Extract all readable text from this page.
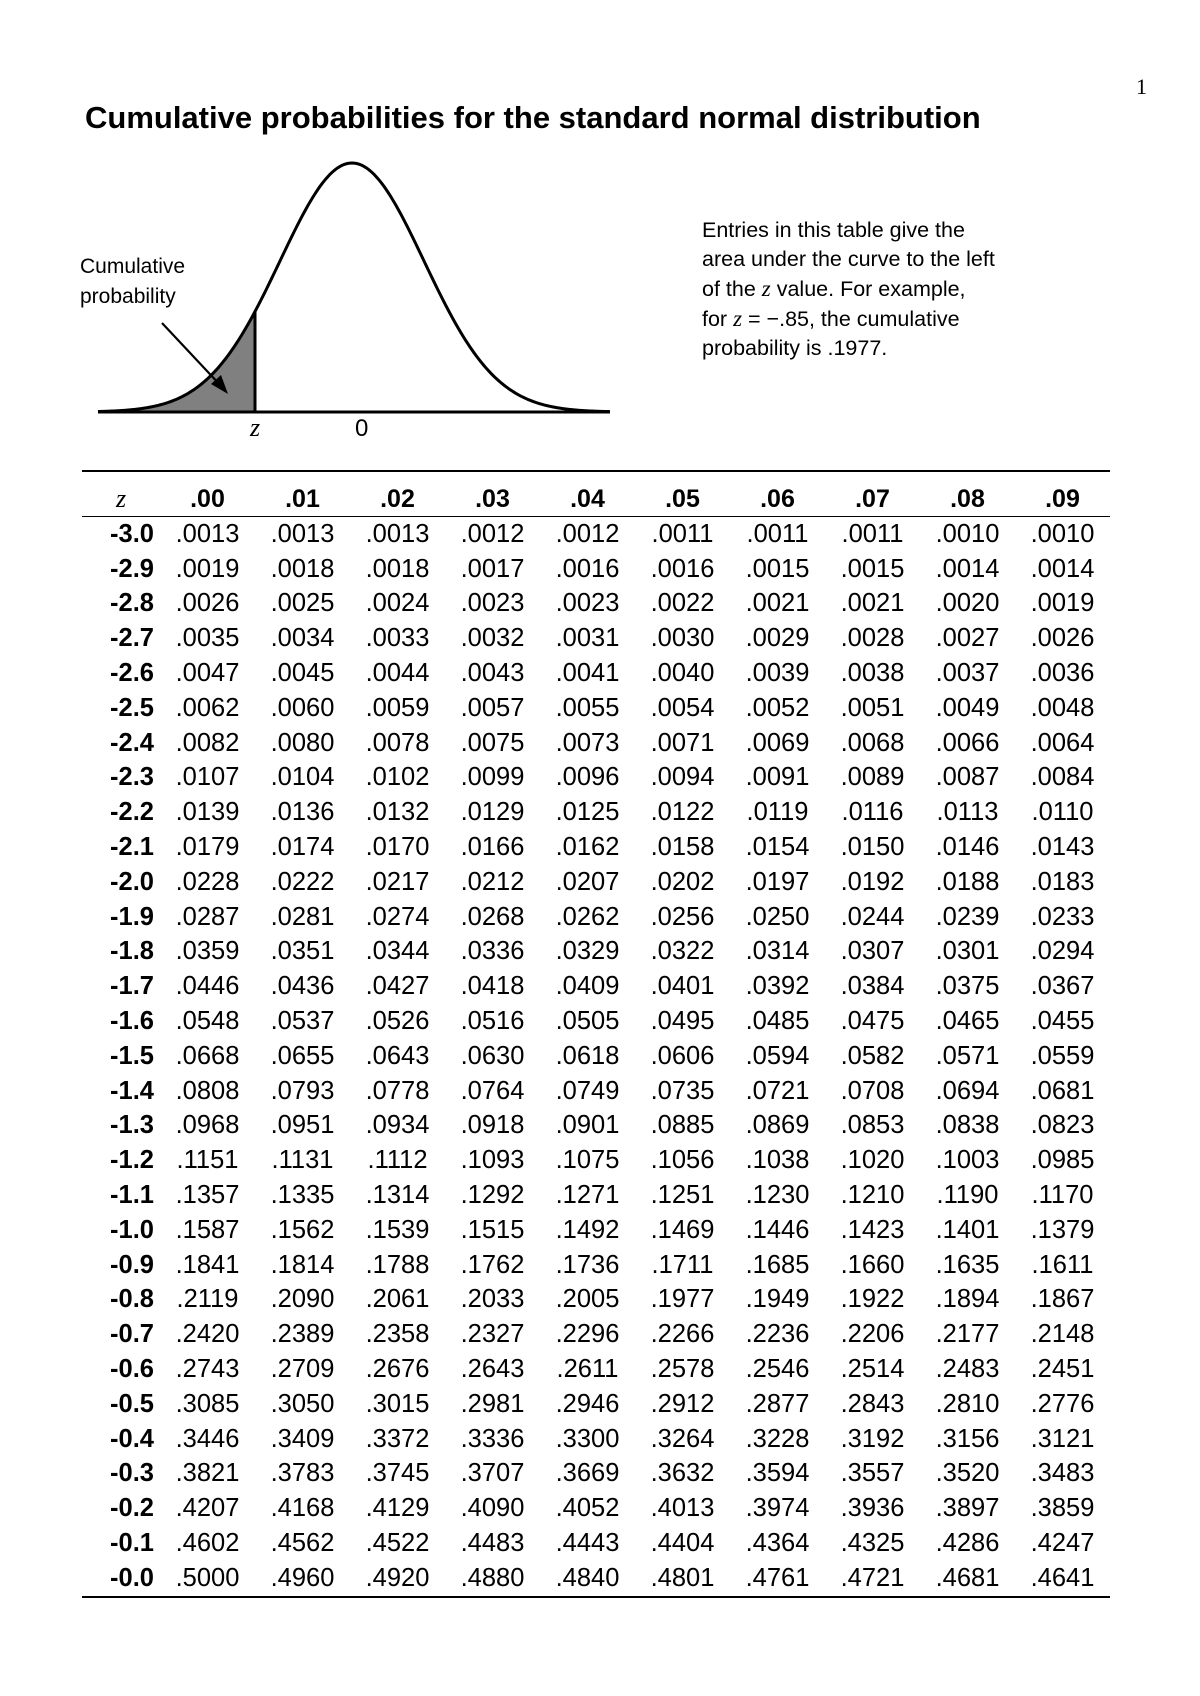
1
Cumulative probabilities for the standard normal distribution
Cumulative
probability
z	0
Entries in this table give the
area under the curve to the left
of the z value. For example,
for z = −.85, the cumulative
probability is .1977.
z	.00	.01	.02	.03	.04	.05	.06	.07	.08	.09
-3.0	.0013	.0013	.0013	.0012	.0012	.0011	.0011	.0011	.0010	.0010
-2.9	.0019	.0018	.0018	.0017	.0016	.0016	.0015	.0015	.0014	.0014
-2.8	.0026	.0025	.0024	.0023	.0023	.0022	.0021	.0021	.0020	.0019
-2.7	.0035	.0034	.0033	.0032	.0031	.0030	.0029	.0028	.0027	.0026
-2.6	.0047	.0045	.0044	.0043	.0041	.0040	.0039	.0038	.0037	.0036
-2.5	.0062	.0060	.0059	.0057	.0055	.0054	.0052	.0051	.0049	.0048
-2.4	.0082	.0080	.0078	.0075	.0073	.0071	.0069	.0068	.0066	.0064
-2.3	.0107	.0104	.0102	.0099	.0096	.0094	.0091	.0089	.0087	.0084
-2.2	.0139	.0136	.0132	.0129	.0125	.0122	.0119	.0116	.0113	.0110
-2.1	.0179	.0174	.0170	.0166	.0162	.0158	.0154	.0150	.0146	.0143
-2.0	.0228	.0222	.0217	.0212	.0207	.0202	.0197	.0192	.0188	.0183
-1.9	.0287	.0281	.0274	.0268	.0262	.0256	.0250	.0244	.0239	.0233
-1.8	.0359	.0351	.0344	.0336	.0329	.0322	.0314	.0307	.0301	.0294
-1.7	.0446	.0436	.0427	.0418	.0409	.0401	.0392	.0384	.0375	.0367
-1.6	.0548	.0537	.0526	.0516	.0505	.0495	.0485	.0475	.0465	.0455
-1.5	.0668	.0655	.0643	.0630	.0618	.0606	.0594	.0582	.0571	.0559
-1.4	.0808	.0793	.0778	.0764	.0749	.0735	.0721	.0708	.0694	.0681
-1.3	.0968	.0951	.0934	.0918	.0901	.0885	.0869	.0853	.0838	.0823
-1.2	.1151	.1131	.1112	.1093	.1075	.1056	.1038	.1020	.1003	.0985
-1.1	.1357	.1335	.1314	.1292	.1271	.1251	.1230	.1210	.1190	.1170
-1.0	.1587	.1562	.1539	.1515	.1492	.1469	.1446	.1423	.1401	.1379
-0.9	.1841	.1814	.1788	.1762	.1736	.1711	.1685	.1660	.1635	.1611
-0.8	.2119	.2090	.2061	.2033	.2005	.1977	.1949	.1922	.1894	.1867
-0.7	.2420	.2389	.2358	.2327	.2296	.2266	.2236	.2206	.2177	.2148
-0.6	.2743	.2709	.2676	.2643	.2611	.2578	.2546	.2514	.2483	.2451
-0.5	.3085	.3050	.3015	.2981	.2946	.2912	.2877	.2843	.2810	.2776
-0.4	.3446	.3409	.3372	.3336	.3300	.3264	.3228	.3192	.3156	.3121
-0.3	.3821	.3783	.3745	.3707	.3669	.3632	.3594	.3557	.3520	.3483
-0.2	.4207	.4168	.4129	.4090	.4052	.4013	.3974	.3936	.3897	.3859
-0.1	.4602	.4562	.4522	.4483	.4443	.4404	.4364	.4325	.4286	.4247
-0.0	.5000	.4960	.4920	.4880	.4840	.4801	.4761	.4721	.4681	.4641
